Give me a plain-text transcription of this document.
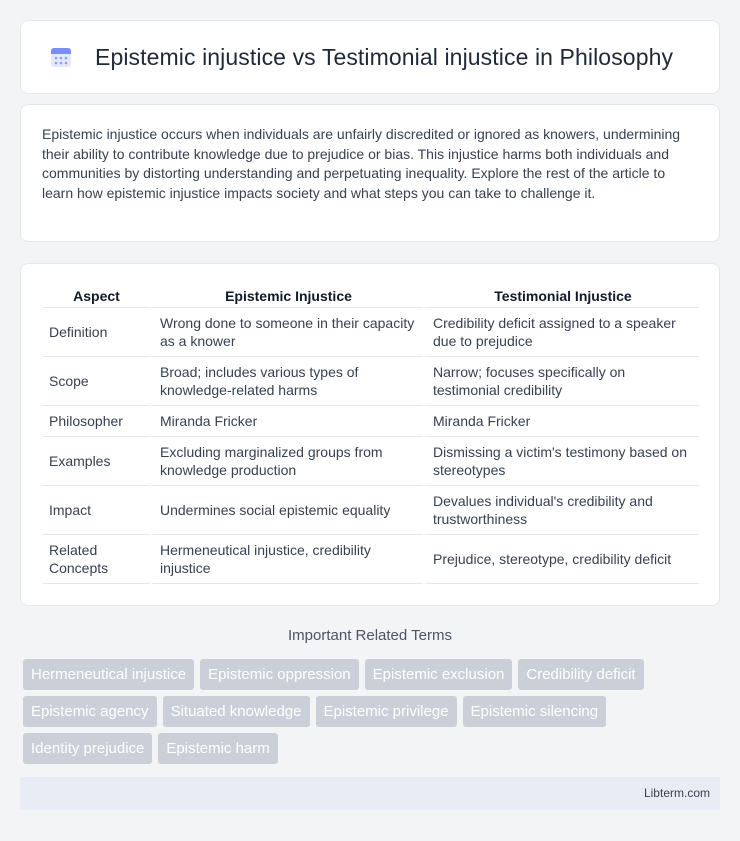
Epistemic injustice vs Testimonial injustice in Philosophy

Epistemic injustice occurs when individuals are unfairly discredited or ignored as knowers, undermining their ability to contribute knowledge due to prejudice or bias. This injustice harms both individuals and communities by distorting understanding and perpetuating inequality. Explore the rest of the article to learn how epistemic injustice impacts society and what steps you can take to challenge it.

Aspect	Epistemic Injustice	Testimonial Injustice
Definition	Wrong done to someone in their capacity as a knower	Credibility deficit assigned to a speaker due to prejudice
Scope	Broad; includes various types of knowledge-related harms	Narrow; focuses specifically on testimonial credibility
Philosopher	Miranda Fricker	Miranda Fricker
Examples	Excluding marginalized groups from knowledge production	Dismissing a victim's testimony based on stereotypes
Impact	Undermines social epistemic equality	Devalues individual's credibility and trustworthiness
Related Concepts	Hermeneutical injustice, credibility injustice	Prejudice, stereotype, credibility deficit
Important Related Terms
Hermeneutical injustice	Epistemic oppression	Epistemic exclusion	Credibility deficit
Epistemic agency	Situated knowledge	Epistemic privilege	Epistemic silencing
Identity prejudice	Epistemic harm
Libterm.com
